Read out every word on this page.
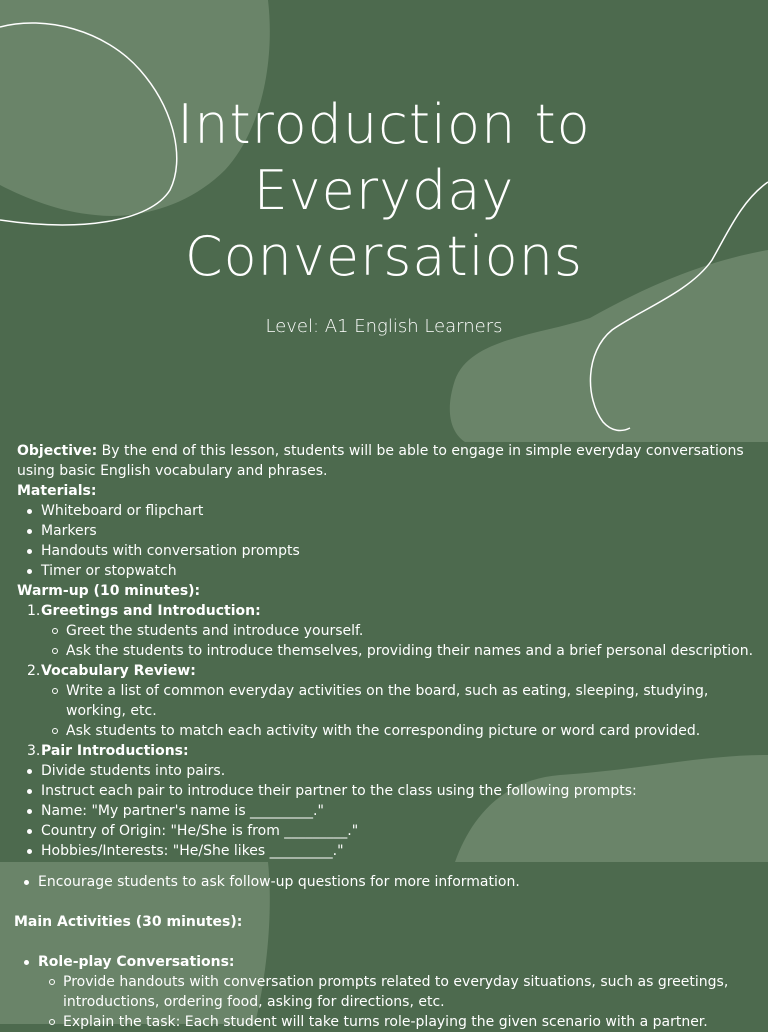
Introduction to
Everyday
Conversations
Level: A1 English Learners
Objective: By the end of this lesson, students will be able to engage in simple everyday conversations using basic English vocabulary and phrases.
Materials:
Whiteboard or flipchart
Markers
Handouts with conversation prompts
Timer or stopwatch
Warm-up (10 minutes):
1. Greetings and Introduction:
Greet the students and introduce yourself.
Ask the students to introduce themselves, providing their names and a brief personal description.
2. Vocabulary Review:
Write a list of common everyday activities on the board, such as eating, sleeping, studying, working, etc.
Ask students to match each activity with the corresponding picture or word card provided.
3. Pair Introductions:
Divide students into pairs.
Instruct each pair to introduce their partner to the class using the following prompts:
Name: "My partner's name is _________."
Country of Origin: "He/She is from _________."
Hobbies/Interests: "He/She likes _________."
Encourage students to ask follow-up questions for more information.
Main Activities (30 minutes):
Role-play Conversations:
Provide handouts with conversation prompts related to everyday situations, such as greetings, introductions, ordering food, asking for directions, etc.
Explain the task: Each student will take turns role-playing the given scenario with a partner.
